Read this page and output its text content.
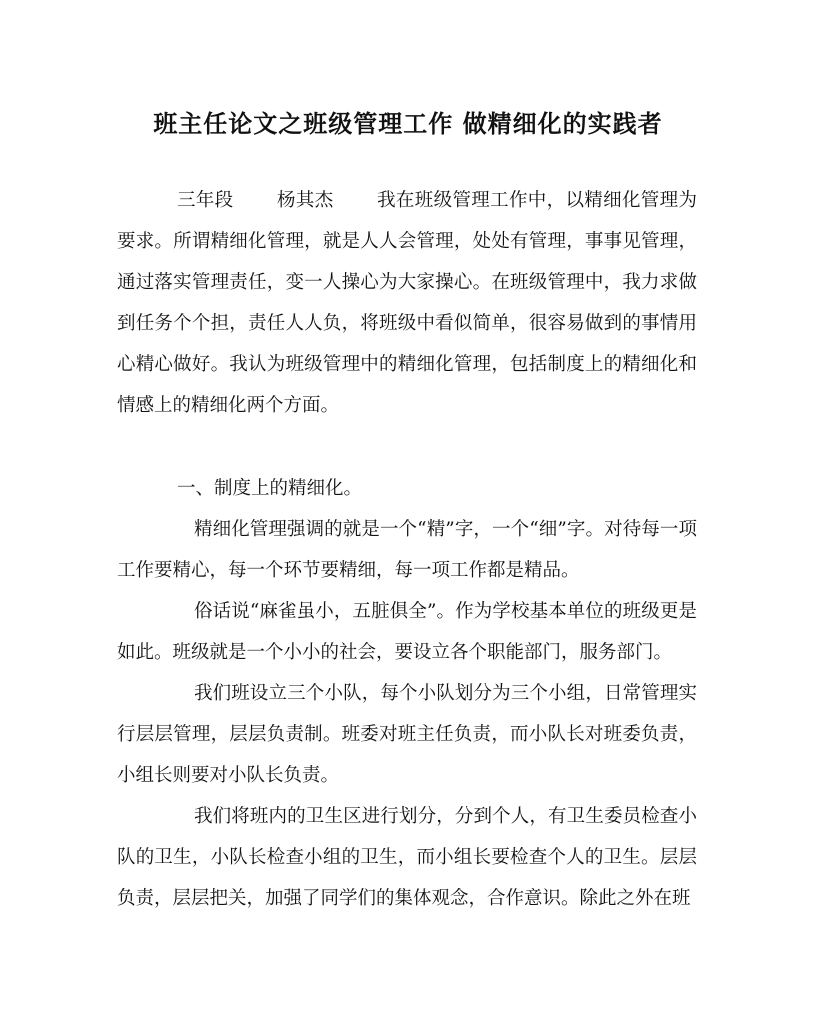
班主任论文之班级管理工作 做精细化的实践者

三年段 杨其杰 我在班级管理工作中，以精细化管理为要求。所谓精细化管理，就是人人会管理，处处有管理，事事见管理，通过落实管理责任，变一人操心为大家操心。在班级管理中，我力求做到任务个个担，责任人人负，将班级中看似简单，很容易做到的事情用心精心做好。我认为班级管理中的精细化管理，包括制度上的精细化和情感上的精细化两个方面。

一、制度上的精细化。

精细化管理强调的就是一个“精”字，一个“细”字。对待每一项工作要精心，每一个环节要精细，每一项工作都是精品。

俗话说“麻雀虽小，五脏俱全”。作为学校基本单位的班级更是如此。班级就是一个小小的社会，要设立各个职能部门，服务部门。

我们班设立三个小队，每个小队划分为三个小组，日常管理实行层层管理，层层负责制。班委对班主任负责，而小队长对班委负责，小组长则要对小队长负责。

我们将班内的卫生区进行划分，分到个人，有卫生委员检查小队的卫生，小队长检查小组的卫生，而小组长要检查个人的卫生。层层负责，层层把关，加强了同学们的集体观念，合作意识。除此之外在班
